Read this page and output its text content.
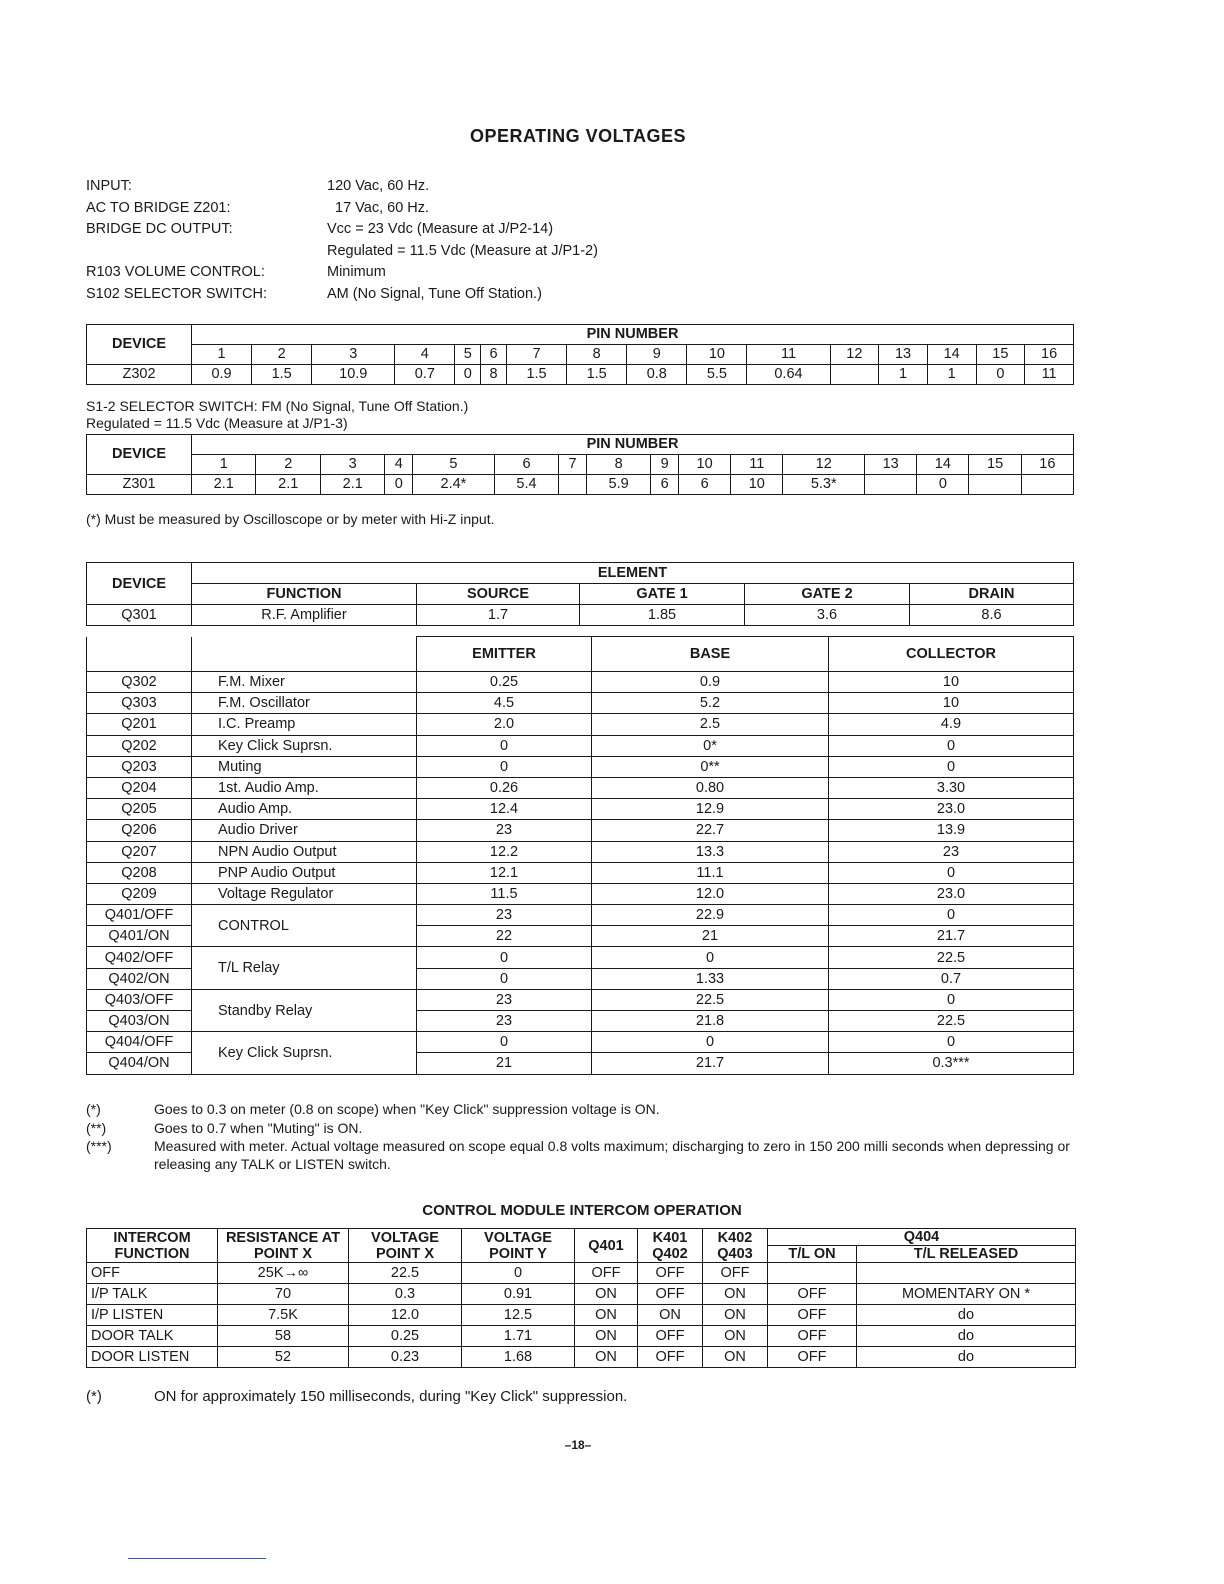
OPERATING VOLTAGES
INPUT:	120 Vac, 60 Hz.
AC TO BRIDGE Z201:	17 Vac, 60 Hz.
BRIDGE DC OUTPUT:	Vcc = 23 Vdc (Measure at J/P2-14)
Regulated = 11.5 Vdc (Measure at J/P1-2)
R103 VOLUME CONTROL:	Minimum
S102 SELECTOR SWITCH:	AM (No Signal, Tune Off Station.)
DEVICE	PIN NUMBER															
	1	2	3	4	5	6	7	8	9	10	11	12	13	14	15	16
Z302	0.9	1.5	10.9	0.7	0	8	1.5	1.5	0.8	5.5	0.64		1	1	0	11
S1-2 SELECTOR SWITCH: FM (No Signal, Tune Off Station.)
Regulated = 11.5 Vdc (Measure at J/P1-3)
DEVICE	PIN NUMBER															
	1	2	3	4	5	6	7	8	9	10	11	12	13	14	15	16
Z301	2.1	2.1	2.1	0	2.4*	5.4		5.9	6	6	10	5.3*		0		
(*) Must be measured by Oscilloscope or by meter with Hi-Z input.
DEVICE	ELEMENT				
	FUNCTION	SOURCE	GATE 1	GATE 2	DRAIN
Q301	R.F. Amplifier	1.7	1.85	3.6	8.6
		EMITTER	BASE	COLLECTOR
Q302	F.M. Mixer	0.25	0.9	10
Q303	F.M. Oscillator	4.5	5.2	10
Q201	I.C. Preamp	2.0	2.5	4.9
Q202	Key Click Suprsn.	0	0*	0
Q203	Muting	0	0**	0
Q204	1st. Audio Amp.	0.26	0.80	3.30
Q205	Audio Amp.	12.4	12.9	23.0
Q206	Audio Driver	23	22.7	13.9
Q207	NPN Audio Output	12.2	13.3	23
Q208	PNP Audio Output	12.1	11.1	0
Q209	Voltage Regulator	11.5	12.0	23.0
Q401/OFF	CONTROL	23	22.9	0
Q401/ON		22	21	21.7
Q402/OFF	T/L Relay	0	0	22.5
Q402/ON		0	1.33	0.7
Q403/OFF	Standby Relay	23	22.5	0
Q403/ON		23	21.8	22.5
Q404/OFF	Key Click Suprsn.	0	0	0
Q404/ON		21	21.7	0.3***
(*)	Goes to 0.3 on meter (0.8 on scope) when "Key Click" suppression voltage is ON.
(**)	Goes to 0.7 when "Muting" is ON.
(***)	Measured with meter. Actual voltage measured on scope equal 0.8 volts maximum; discharging to zero in 150 200 milli seconds when depressing or releasing any TALK or LISTEN switch.
CONTROL MODULE INTERCOM OPERATION
INTERCOM FUNCTION	RESISTANCE AT POINT X	VOLTAGE POINT X	VOLTAGE POINT Y	Q401	K401 Q402	K402 Q403	Q404	
							T/L ON	T/L RELEASED
OFF	25K→∞	22.5	0	OFF	OFF	OFF		
I/P TALK	70	0.3	0.91	ON	OFF	ON	OFF	MOMENTARY ON *
I/P LISTEN	7.5K	12.0	12.5	ON	ON	ON	OFF	do
DOOR TALK	58	0.25	1.71	ON	OFF	ON	OFF	do
DOOR LISTEN	52	0.23	1.68	ON	OFF	ON	OFF	do
(*)	ON for approximately 150 milliseconds, during "Key Click" suppression.
–18–
